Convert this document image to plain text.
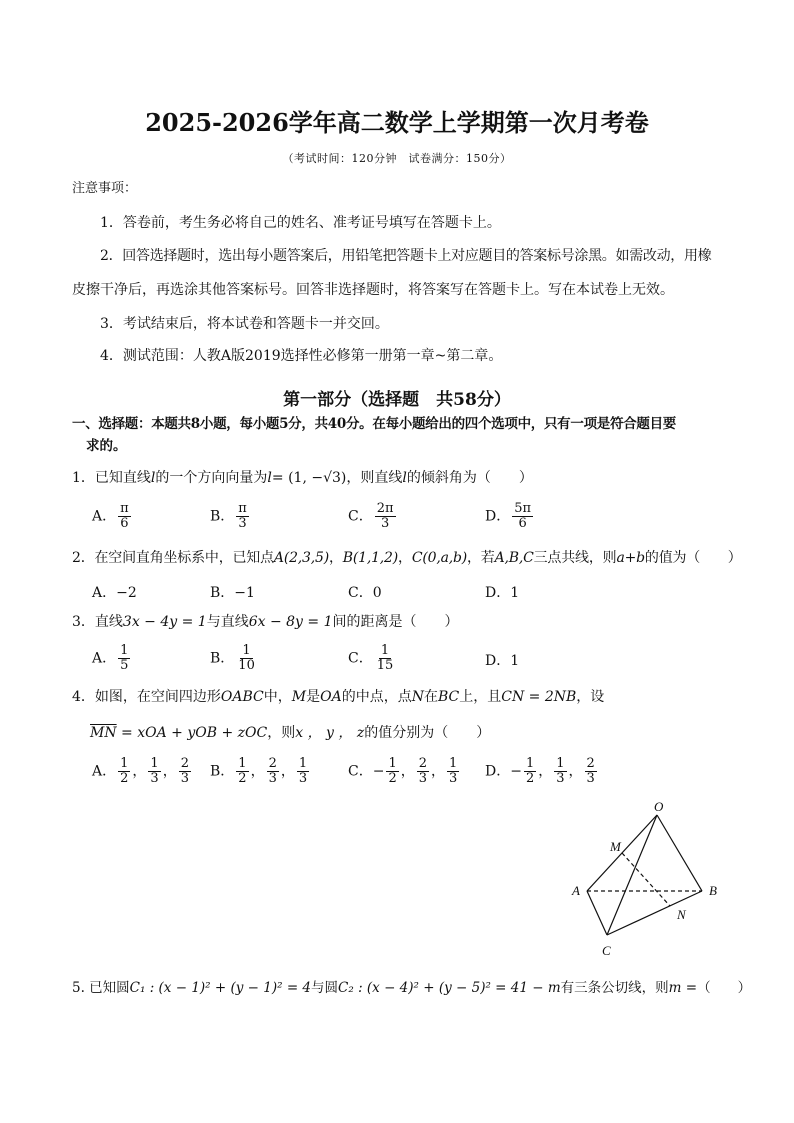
2025-2026学年高二数学上学期第一次月考卷
（考试时间：120分钟　试卷满分：150分）
注意事项：
1．答卷前，考生务必将自己的姓名、准考证号填写在答题卡上。
2．回答选择题时，选出每小题答案后，用铅笔把答题卡上对应题目的答案标号涂黑。如需改动，用橡
皮擦干净后，再选涂其他答案标号。回答非选择题时，将答案写在答题卡上。写在本试卷上无效。
3．考试结束后，将本试卷和答题卡一并交回。
4．测试范围：人教A版2019选择性必修第一册第一章~第二章。
第一部分（选择题　共58分）
一、选择题：本题共8小题，每小题5分，共40分。在每小题给出的四个选项中，只有一项是符合题目要
求的。
1．已知直线l的一个方向向量为l= (1, −√3)，则直线l的倾斜角为（　　）
A． $\frac{\pi}{6}$	B． $\frac{\pi}{3}$	C． $\frac{2\pi}{3}$	D． $\frac{5\pi}{6}$
2．在空间直角坐标系中，已知点A(2,3,5)，B(1,1,2)，C(0,a,b)，若A,B,C三点共线，则a+b的值为（　　）
A．−2	B．−1	C．0	D．1
3．直线3x − 4y = 1与直线6x − 8y = 1间的距离是（　　）
A． $\frac{1}{5}$	B． $\frac{1}{10}$	C． $\frac{1}{15}$	D．1
4．如图，在空间四边形OABC中，M是OA的中点，点N在BC上，且CN = 2NB，设
$\overline{MN}$ = xOA + yOB + zOC，则x ， y ， z的值分别为（　　）
A． $\frac{1}{2}$ ， $\frac{1}{3}$ ， $\frac{2}{3}$ B． $\frac{1}{2}$ ， $\frac{2}{3}$ ， $\frac{1}{3}$	C．− $\frac{1}{2}$ ， $\frac{2}{3}$ ， $\frac{1}{3}$ D．− $\frac{1}{2}$ ， $\frac{1}{3}$ ， $\frac{2}{3}$
O
A	B
C
M
N
5. 已知圆C₁ : (x − 1)² + (y − 1)² = 4与圆C₂ : (x − 4)² + (y − 5)² = 41 − m有三条公切线，则m =（　　）
